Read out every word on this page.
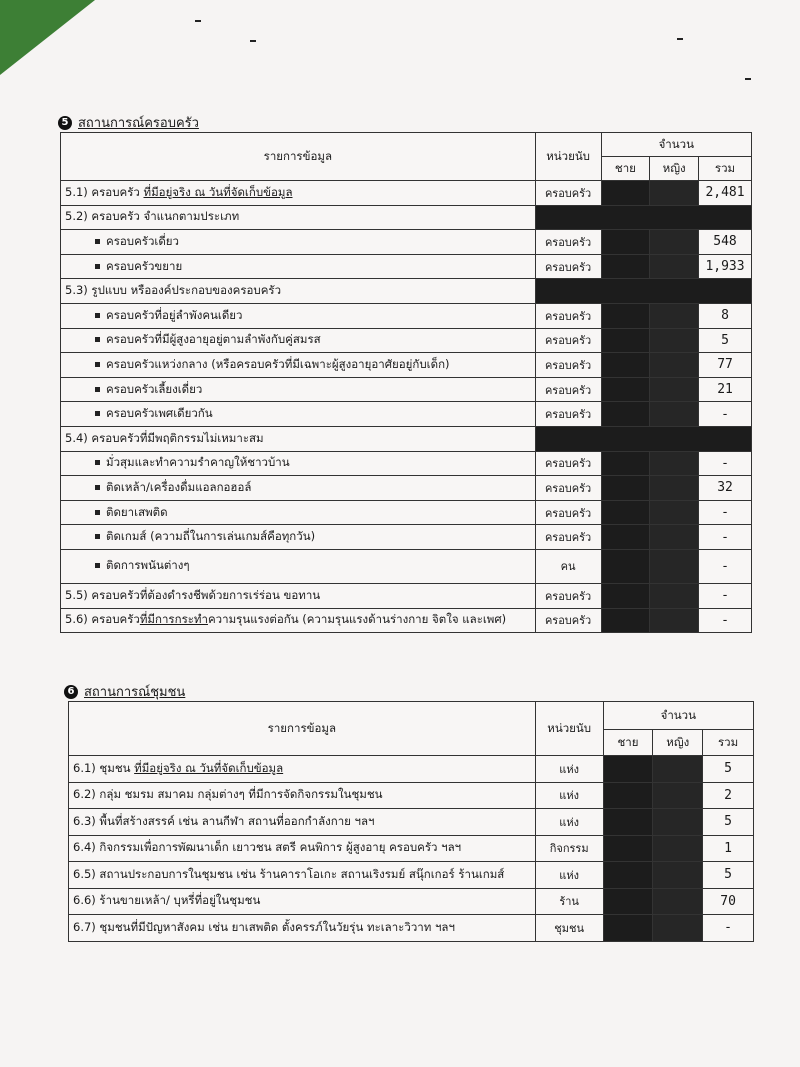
5 สถานการณ์ครอบครัว
รายการข้อมูล	หน่วยนับ	จำนวน		
		ชาย	หญิง	รวม
5.1) ครอบครัว ที่มีอยู่จริง ณ วันที่จัดเก็บข้อมูล	ครอบครัว			2,481
5.2) ครอบครัว จำแนกตามประเภท				
ครอบครัวเดี่ยว	ครอบครัว			548
ครอบครัวขยาย	ครอบครัว			1,933
5.3) รูปแบบ หรือองค์ประกอบของครอบครัว				
ครอบครัวที่อยู่ลำพังคนเดียว	ครอบครัว			8
ครอบครัวที่มีผู้สูงอายุอยู่ตามลำพังกับคู่สมรส	ครอบครัว			5
ครอบครัวแหว่งกลาง (หรือครอบครัวที่มีเฉพาะผู้สูงอายุอาศัยอยู่กับเด็ก)	ครอบครัว			77
ครอบครัวเลี้ยงเดี่ยว	ครอบครัว			21
ครอบครัวเพศเดียวกัน	ครอบครัว			-
5.4) ครอบครัวที่มีพฤติกรรมไม่เหมาะสม				
มั่วสุมและทำความรำคาญให้ชาวบ้าน	ครอบครัว			-
ติดเหล้า/เครื่องดื่มแอลกอฮอล์	ครอบครัว			32
ติดยาเสพติด	ครอบครัว			-
ติดเกมส์ (ความถี่ในการเล่นเกมส์คือทุกวัน)	ครอบครัว			-
ติดการพนันต่างๆ	คน			-
5.5) ครอบครัวที่ต้องดำรงชีพด้วยการเร่ร่อน ขอทาน	ครอบครัว			-
5.6) ครอบครัวที่มีการกระทำความรุนแรงต่อกัน (ความรุนแรงด้านร่างกาย จิตใจ และเพศ)	ครอบครัว			-
6 สถานการณ์ชุมชน
รายการข้อมูล	หน่วยนับ	จำนวน		
		ชาย	หญิง	รวม
6.1) ชุมชน ที่มีอยู่จริง ณ วันที่จัดเก็บข้อมูล	แห่ง			5
6.2) กลุ่ม ชมรม สมาคม กลุ่มต่างๆ ที่มีการจัดกิจกรรมในชุมชน	แห่ง			2
6.3) พื้นที่สร้างสรรค์ เช่น ลานกีฬา สถานที่ออกกำลังกาย ฯลฯ	แห่ง			5
6.4) กิจกรรมเพื่อการพัฒนาเด็ก เยาวชน สตรี คนพิการ ผู้สูงอายุ ครอบครัว ฯลฯ	กิจกรรม			1
6.5) สถานประกอบการในชุมชน เช่น ร้านคาราโอเกะ สถานเริงรมย์ สนุ๊กเกอร์ ร้านเกมส์	แห่ง			5
6.6) ร้านขายเหล้า/ บุหรี่ที่อยู่ในชุมชน	ร้าน			70
6.7) ชุมชนที่มีปัญหาสังคม เช่น ยาเสพติด ตั้งครรภ์ในวัยรุ่น ทะเลาะวิวาท ฯลฯ	ชุมชน			-
